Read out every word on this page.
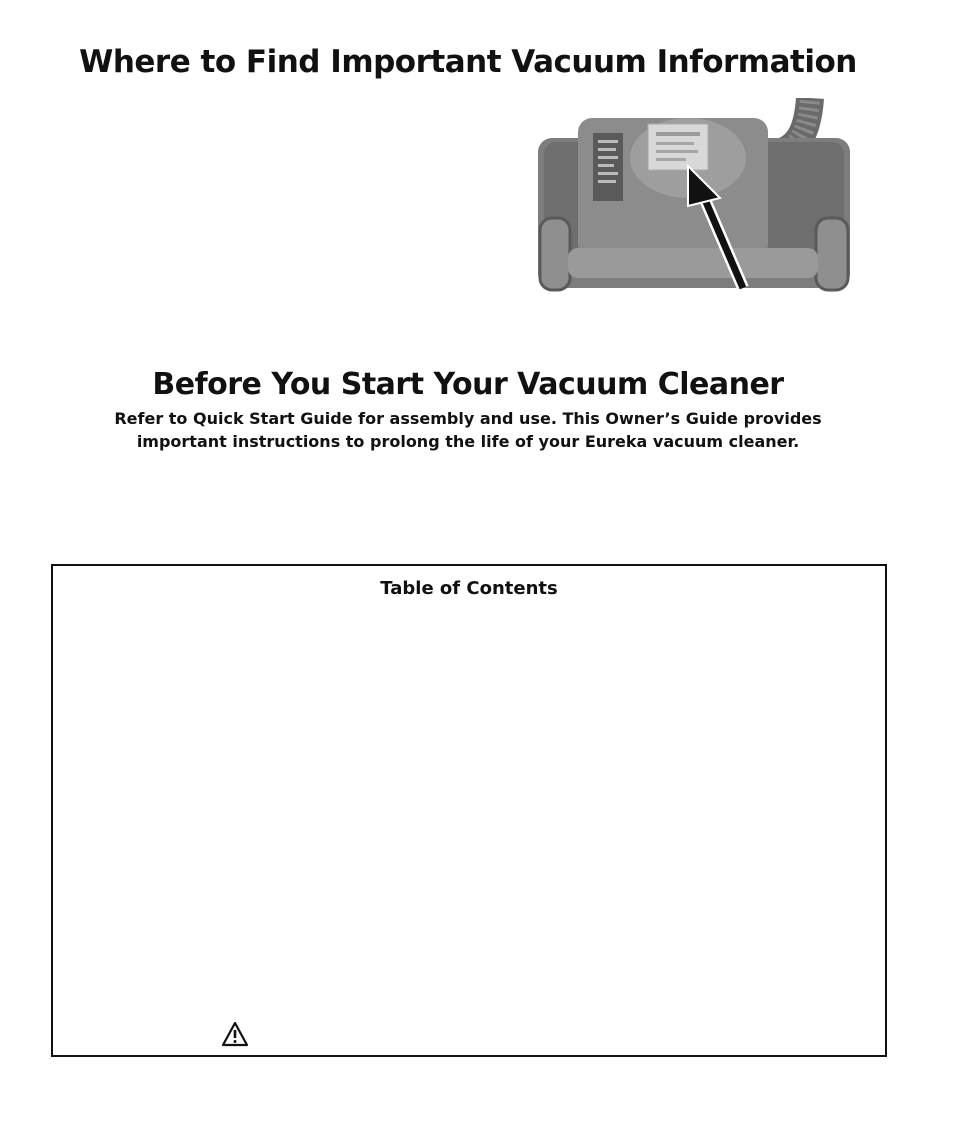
Where to Find Important Vacuum Information
Before You Start Your Vacuum Cleaner

Refer to Quick Start Guide for assembly and use. This Owner’s Guide provides
important instructions to prolong the life of your Eureka vacuum cleaner.

Table of Contents
